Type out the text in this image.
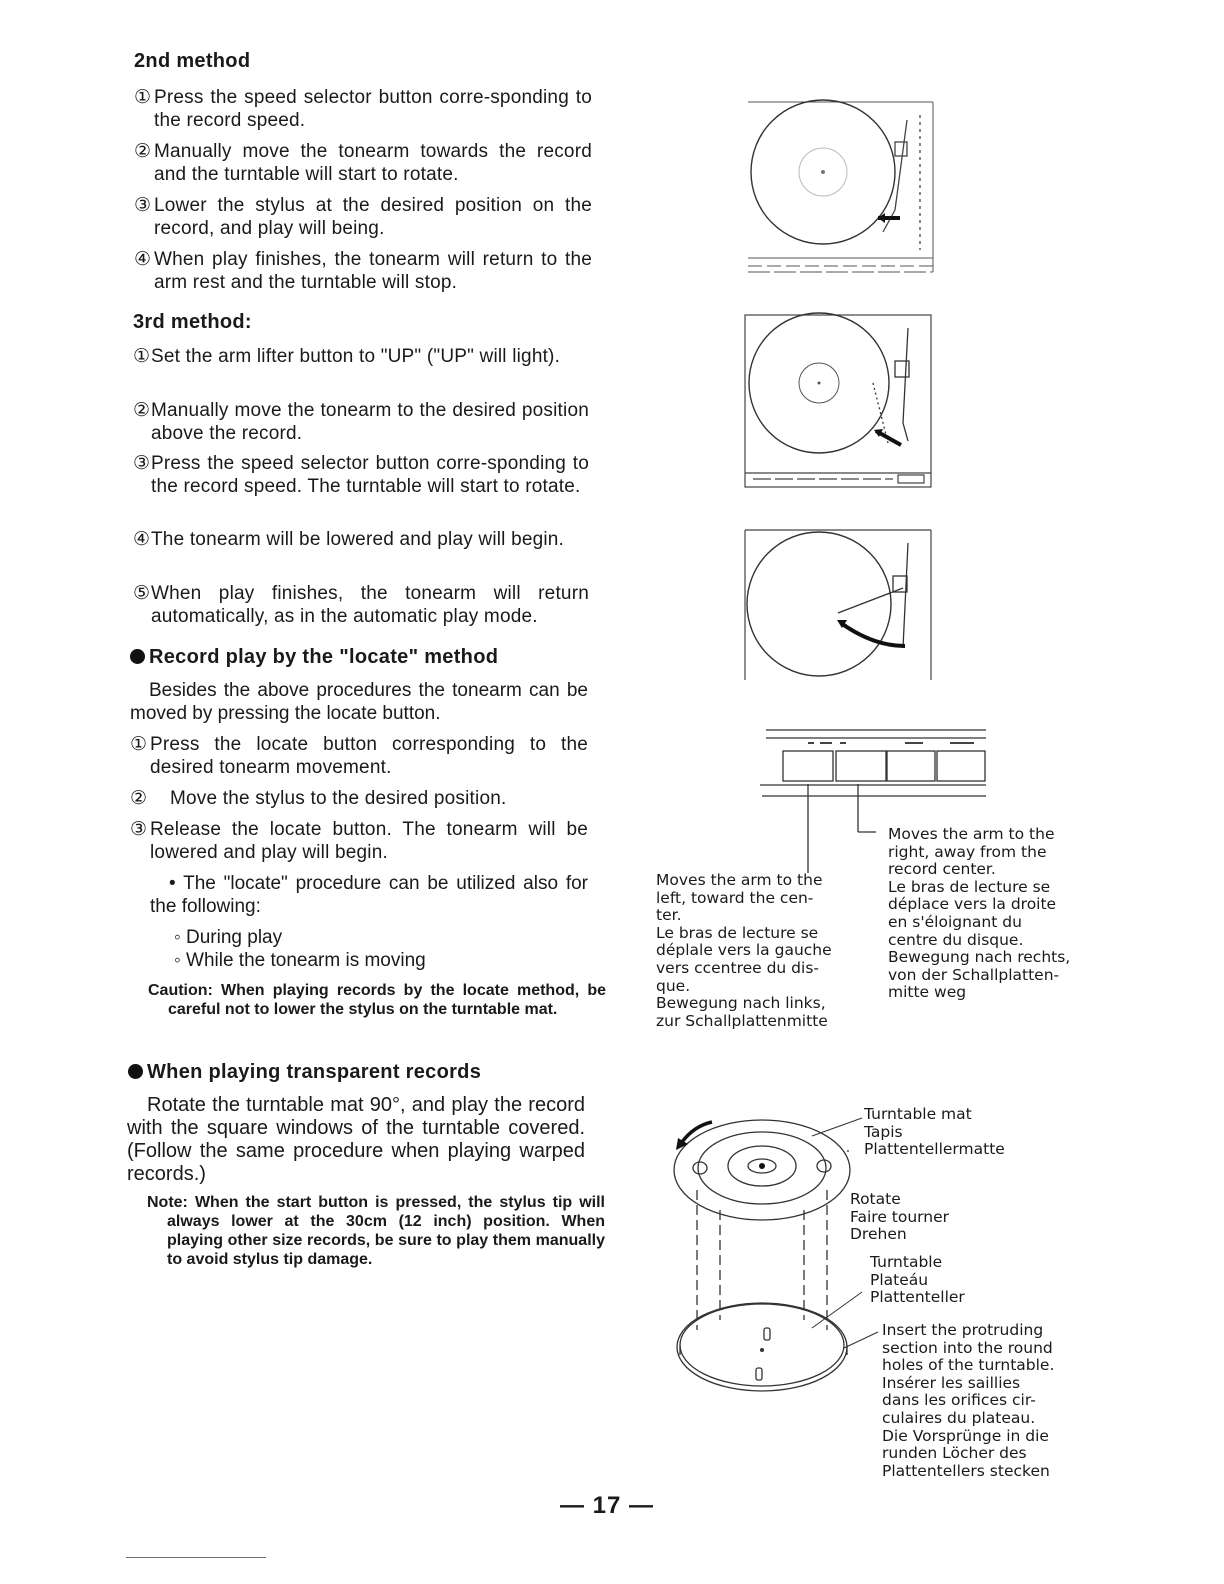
2nd method
① Press the speed selector button corre-sponding to the record speed.
② Manually move the tonearm towards the record and the turntable will start to rotate.
③ Lower the stylus at the desired position on the record, and play will being.
④ When play finishes, the tonearm will return to the arm rest and the turntable will stop.
3rd method:
① Set the arm lifter button to "UP" ("UP" will light).
② Manually move the tonearm to the desired position above the record.
③ Press the speed selector button corre-sponding to the record speed. The turntable will start to rotate.
④ The tonearm will be lowered and play will begin.
⑤ When play finishes, the tonearm will return automatically, as in the automatic play mode.
Record play by the "locate" method
Besides the above procedures the tonearm can be moved by pressing the locate button.
① Press the locate button corresponding to the desired tonearm movement.
②	Move the stylus to the desired position.
③ Release the locate button. The tonearm will be lowered and play will begin.
• The "locate" procedure can be utilized also for the following:
◦ During play
◦ While the tonearm is moving
Caution: When playing records by the locate method, be careful not to lower the stylus on the turntable mat.
When playing transparent records
Rotate the turntable mat 90°, and play the record with the square windows of the turntable covered. (Follow the same procedure when playing warped records.)
Note: When the start button is pressed, the stylus tip will always lower at the 30cm (12 inch) position. When playing other size records, be sure to play them manually to avoid stylus tip damage.
Moves the arm to the
left, toward the cen-
ter.
Le bras de lecture se
déplale vers la gauche
vers ccentree du dis-
que.
Bewegung nach links,
zur Schallplattenmitte
Moves the arm to the
right, away from the
record center.
Le bras de lecture se
déplace vers la droite
en s'éloignant du
centre du disque.
Bewegung nach rechts,
von der Schallplatten-
mitte weg
Turntable mat
Tapis
Plattentellermatte
Rotate
Faire tourner
Drehen
Turntable
Plateáu
Plattenteller
Insert the protruding
section into the round
holes of the turntable.
Insérer les saillies
dans les orifices cir-
culaires du plateau.
Die Vorsprünge in die
runden Löcher des
Plattentellers stecken
— 17 —
